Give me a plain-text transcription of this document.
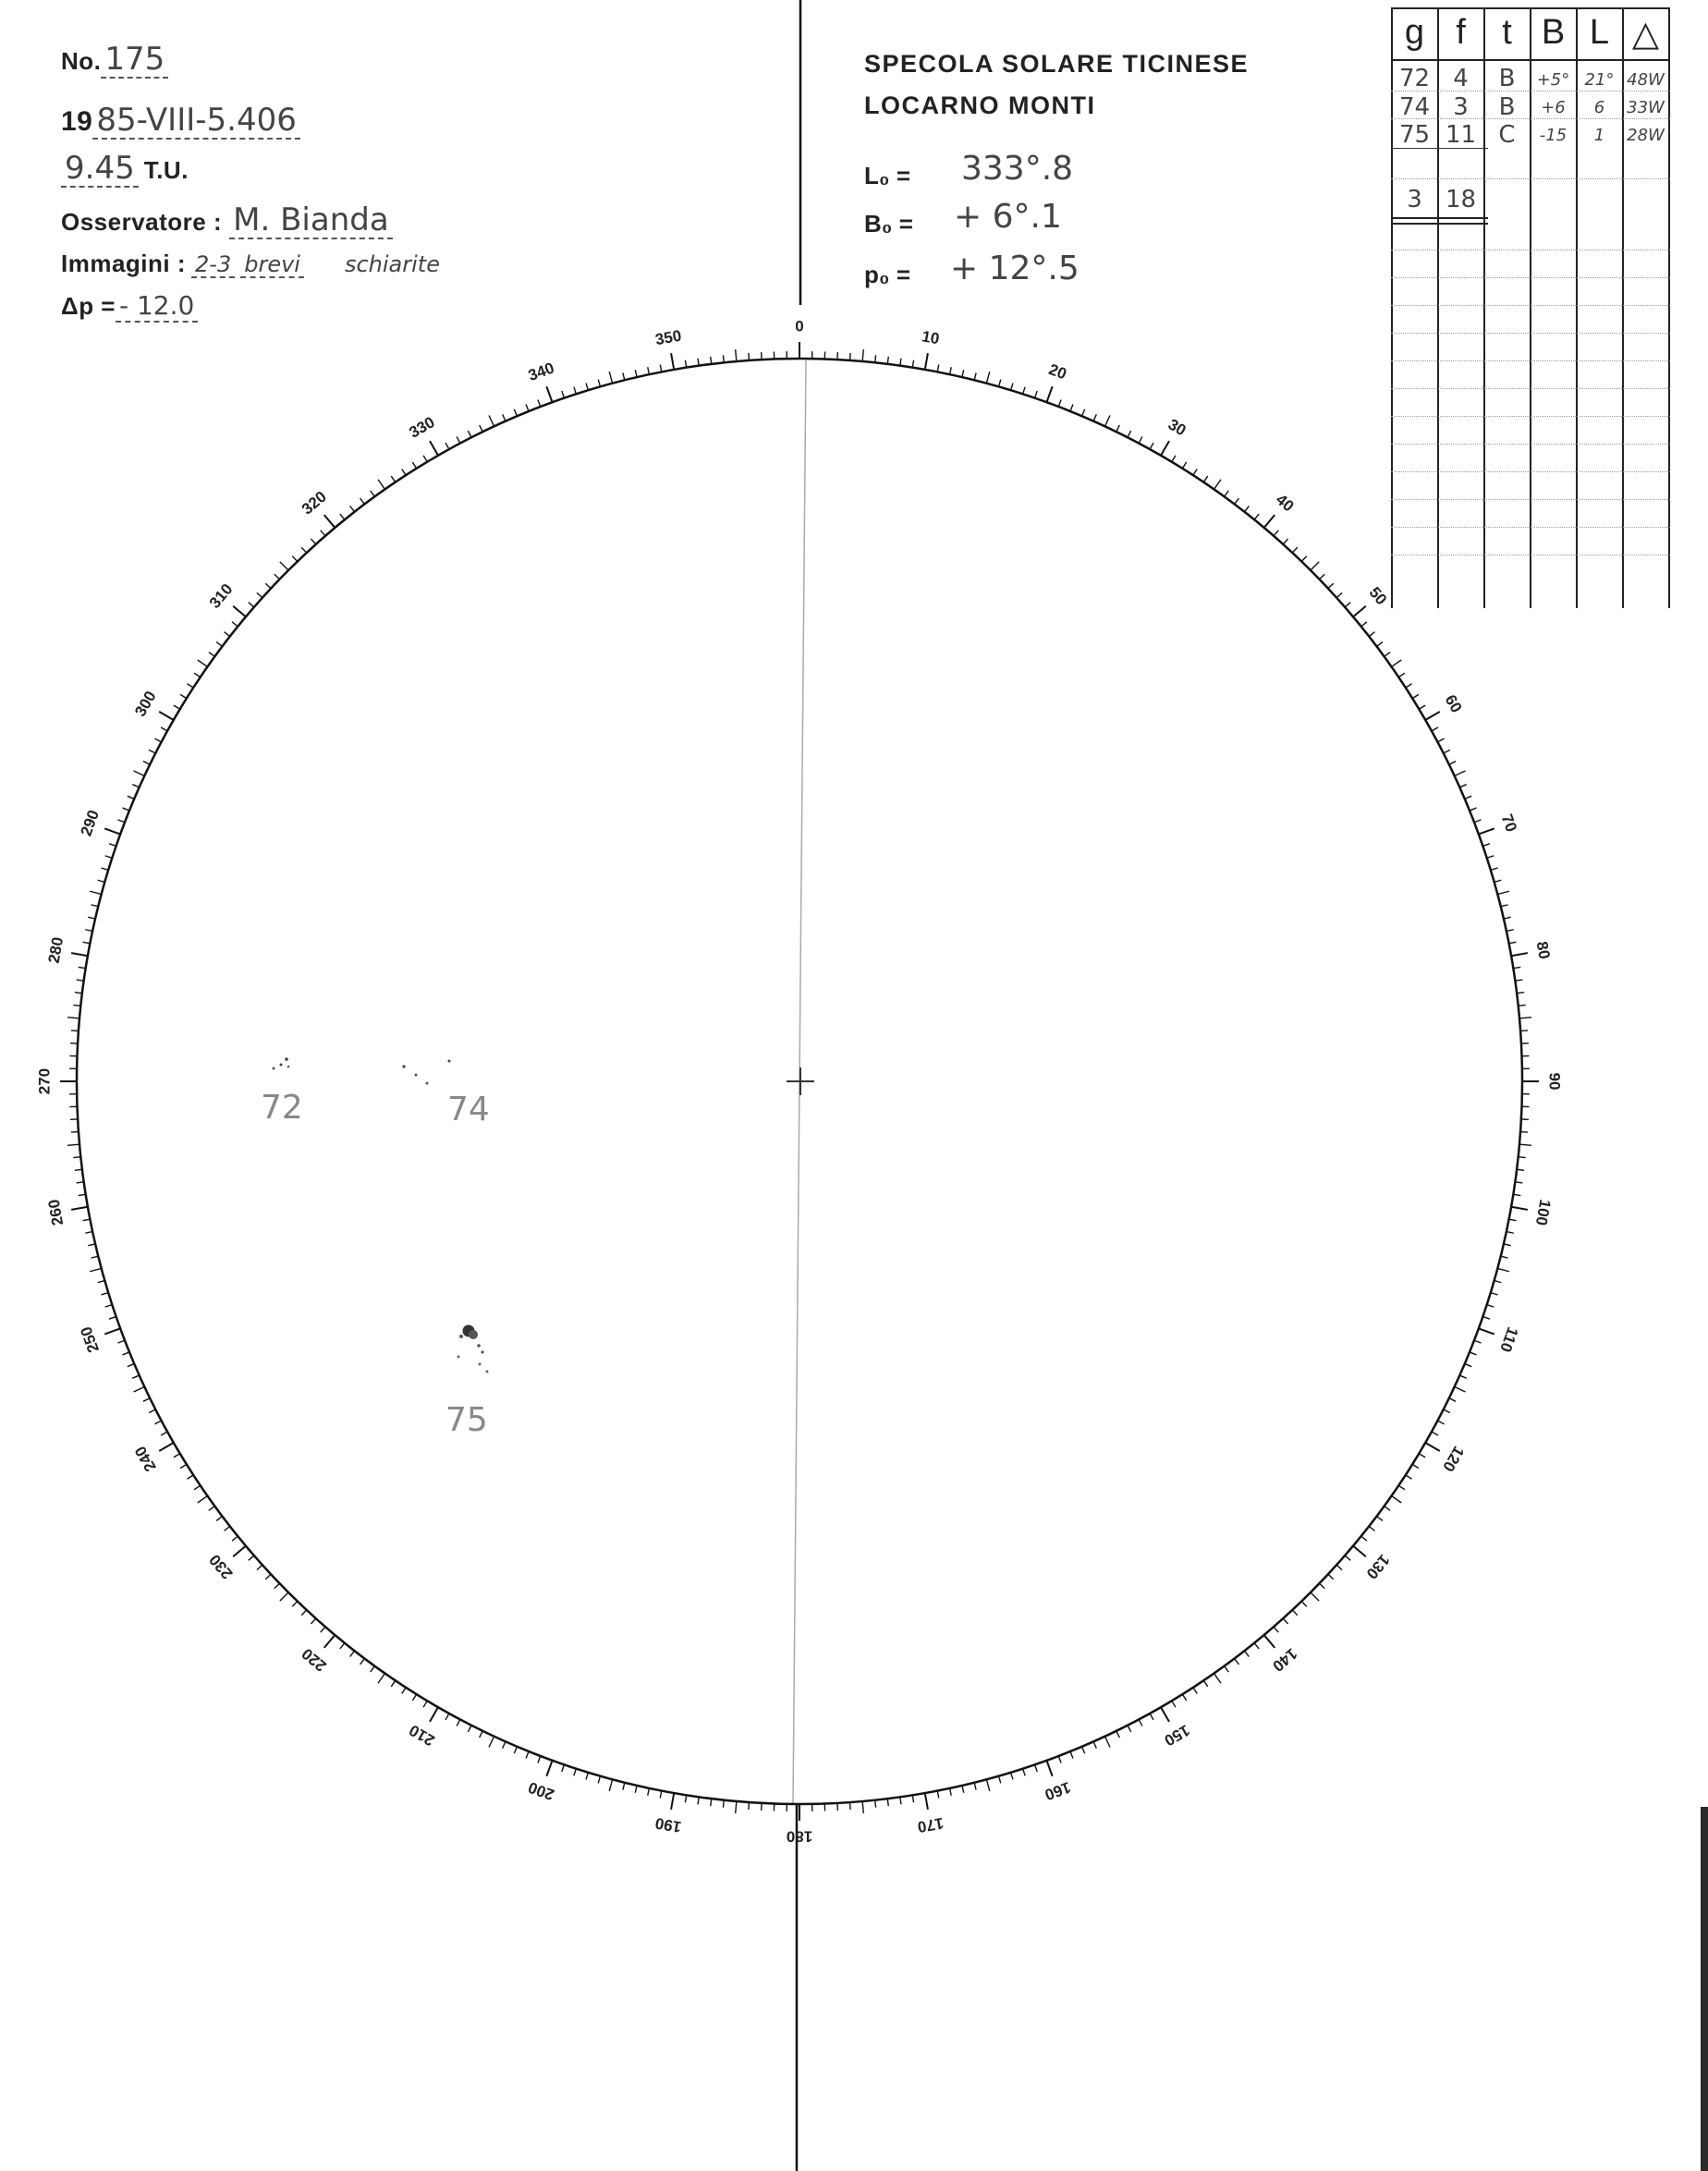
No. 175
19 85-VIII-5.406
9.45 T.U.
Osservatore : M. Bianda
Immagini : 2-3 brevi schiarite
Δp = - 12.0
SPECOLA SOLARE TICINESE
LOCARNO MONTI
L₀ = 333°.8
B₀ = + 6°.1
p₀ = + 12°.5
g f	t B L △
72 4	B	+5° 21° 48W
74 3	B	+6	6	33W
75 11 C	-15	1	28W
3 18
0
10
20
30
40
50
60
70
80
90
100
110
120
130
140
150
160
170
180
190
200
210
220
230
240
250
260
270
280
290
300
310
320
330
340
350
72	74
75
